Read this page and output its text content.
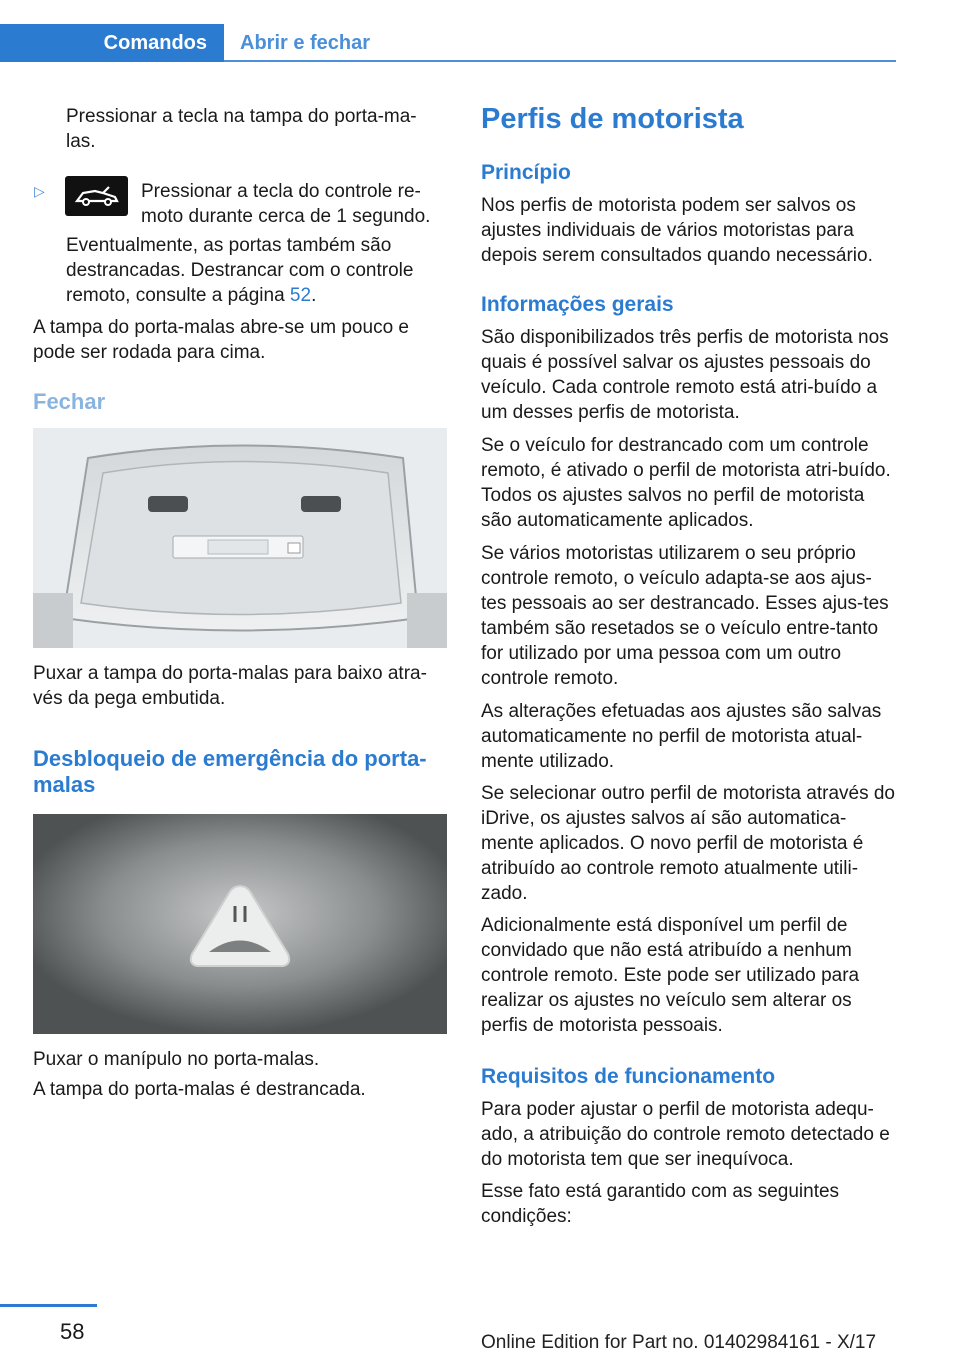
Comandos Abrir e fechar

Pressionar a tecla na tampa do porta‐ma‐las.

▷	Pressionar a tecla do controle re‐moto durante cerca de 1 segundo.

Eventualmente, as portas também são destrancadas. Destrancar com o controle remoto, consulte a página 52.

A tampa do porta-malas abre-se um pouco e pode ser rodada para cima.

Fechar

Puxar a tampa do porta-malas para baixo atra‐vés da pega embutida.

Desbloqueio de emergência do porta‐malas

Puxar o manípulo no porta-malas.

A tampa do porta-malas é destrancada.

Perfis de motorista
Princípio

Nos perfis de motorista podem ser salvos os ajustes individuais de vários motoristas para depois serem consultados quando necessário.

Informações gerais

São disponibilizados três perfis de motorista nos quais é possível salvar os ajustes pessoais do veículo. Cada controle remoto está atri‐buído a um desses perfis de motorista.

Se o veículo for destrancado com um controle remoto, é ativado o perfil de motorista atri‐buído. Todos os ajustes salvos no perfil de motorista são automaticamente aplicados.

Se vários motoristas utilizarem o seu próprio controle remoto, o veículo adapta-se aos ajus‐tes pessoais ao ser destrancado. Esses ajus‐tes também são resetados se o veículo entre‐tanto for utilizado por uma pessoa com um outro controle remoto.

As alterações efetuadas aos ajustes são salvas automaticamente no perfil de motorista atual‐mente utilizado.

Se selecionar outro perfil de motorista através do iDrive, os ajustes salvos aí são automatica‐mente aplicados. O novo perfil de motorista é atribuído ao controle remoto atualmente utili‐zado.

Adicionalmente está disponível um perfil de convidado que não está atribuído a nenhum controle remoto. Este pode ser utilizado para realizar os ajustes no veículo sem alterar os perfis de motorista pessoais.

Requisitos de funcionamento

Para poder ajustar o perfil de motorista adequ‐ado, a atribuição do controle remoto detectado e do motorista tem que ser inequívoca.

Esse fato está garantido com as seguintes condições:

58	Online Edition for Part no. 01402984161 - X/17
